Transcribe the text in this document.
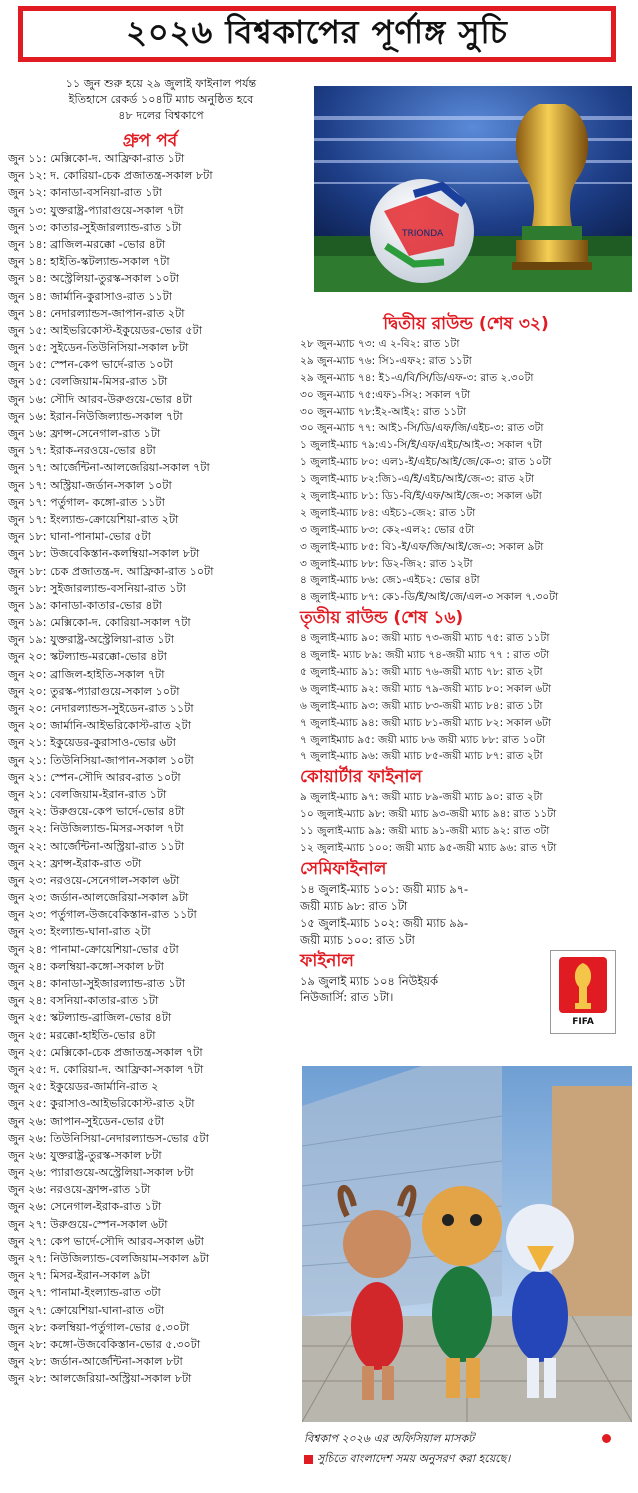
২০২৬ বিশ্বকাপের পূর্ণাঙ্গ সুচি
১১ জুন শুরু হয়ে ২৯ জুলাই ফাইনাল পর্যন্ত
ইতিহাসে রেকর্ড ১০৪টি ম্যাচ অনুষ্ঠিত হবে
৪৮ দলের বিশ্বকাপে
গ্রুপ পর্ব
জুন ১১: মেক্সিকো-দ. আফ্রিকা-রাত ১টা
জুন ১২: দ. কোরিয়া-চেক প্রজাতন্ত্র-সকাল ৮টা
জুন ১২: কানাডা-বসনিয়া-রাত ১টা
জুন ১৩: যুক্তরাষ্ট্র-প্যারাগুয়ে-সকাল ৭টা
জুন ১৩: কাতার-সুইজারল্যান্ড-রাত ১টা
জুন ১৪: ব্রাজিল-মরক্কো -ভোর ৪টা
জুন ১৪: হাইতি-স্কটল্যান্ড-সকাল ৭টা
জুন ১৪: অস্ট্রেলিয়া-তুরস্ক-সকাল ১০টা
জুন ১৪: জার্মানি-কুরাসাও-রাত ১১টা
জুন ১৪: নেদারল্যান্ডস-জাপান-রাত ২টা
জুন ১৫: আইভরিকোস্ট-ইকুয়েডর-ভোর ৫টা
জুন ১৫: সুইডেন-তিউনিসিয়া-সকাল ৮টা
জুন ১৫: স্পেন-কেপ ভার্দে-রাত ১০টা
জুন ১৫: বেলজিয়াম-মিসর-রাত ১টা
জুন ১৬: সৌদি আরব-উরুগুয়ে-ভোর ৪টা
জুন ১৬: ইরান-নিউজিল্যান্ড-সকাল ৭টা
জুন ১৬: ফ্রান্স-সেনেগাল-রাত ১টা
জুন ১৭: ইরাক-নরওয়ে-ভোর ৪টা
জুন ১৭: আর্জেন্টিনা-আলজেরিয়া-সকাল ৭টা
জুন ১৭: অস্ট্রিয়া-জর্ডান-সকাল ১০টা
জুন ১৭: পর্তুগাল- কঙ্গো-রাত ১১টা
জুন ১৭: ইংল্যান্ড-ক্রোয়েশিয়া-রাত ২টা
জুন ১৮: ঘানা-পানামা-ভোর ৫টা
জুন ১৮: উজবেকিস্তান-কলম্বিয়া-সকাল ৮টা
জুন ১৮: চেক প্রজাতন্ত্র-দ. আফ্রিকা-রাত ১০টা
জুন ১৮: সুইজারল্যান্ড-বসনিয়া-রাত ১টা
জুন ১৯: কানাডা-কাতার-ভোর ৪টা
জুন ১৯: মেক্সিকো-দ. কোরিয়া-সকাল ৭টা
জুন ১৯: যুক্তরাষ্ট্র-অস্ট্রেলিয়া-রাত ১টা
জুন ২০: স্কটল্যান্ড-মরক্কো-ভোর ৪টা
জুন ২০: ব্রাজিল-হাইতি-সকাল ৭টা
জুন ২০: তুরস্ক-প্যারাগুয়ে-সকাল ১০টা
জুন ২০: নেদারল্যান্ডস-সুইডেন-রাত ১১টা
জুন ২০: জার্মানি-আইভরিকোস্ট-রাত ২টা
জুন ২১: ইকুয়েডর-কুরাসাও-ভোর ৬টা
জুন ২১: তিউনিসিয়া-জাপান-সকাল ১০টা
জুন ২১: স্পেন-সৌদি আরব-রাত ১০টা
জুন ২১: বেলজিয়াম-ইরান-রাত ১টা
জুন ২২: উরুগুয়ে-কেপ ভার্দে-ভোর ৪টা
জুন ২২: নিউজিল্যান্ড-মিসর-সকাল ৭টা
জুন ২২: আর্জেন্টিনা-অস্ট্রিয়া-রাত ১১টা
জুন ২২: ফ্রান্স-ইরাক-রাত ৩টা
জুন ২৩: নরওয়ে-সেনেগাল-সকাল ৬টা
জুন ২৩: জর্ডান-আলজেরিয়া-সকাল ৯টা
জুন ২৩: পর্তুগাল-উজবেকিস্তান-রাত ১১টা
জুন ২৩: ইংল্যান্ড-ঘানা-রাত ২টা
জুন ২৪: পানামা-ক্রোয়েশিয়া-ভোর ৫টা
জুন ২৪: কলম্বিয়া-কঙ্গো-সকাল ৮টা
জুন ২৪: কানাডা-সুইজারল্যান্ড-রাত ১টা
জুন ২৪: বসনিয়া-কাতার-রাত ১টা
জুন ২৫: স্কটল্যান্ড-ব্রাজিল-ভোর ৪টা
জুন ২৫: মরক্কো-হাইতি-ভোর ৪টা
জুন ২৫: মেক্সিকো-চেক প্রজাতন্ত্র-সকাল ৭টা
জুন ২৫: দ. কোরিয়া-দ. আফ্রিকা-সকাল ৭টা
জুন ২৫: ইকুয়েডর-জার্মানি-রাত ২
জুন ২৫: কুরাসাও-আইভরিকোস্ট-রাত ২টা
জুন ২৬: জাপান-সুইডেন-ভোর ৫টা
জুন ২৬: তিউনিসিয়া-নেদারল্যান্ডস-ভোর ৫টা
জুন ২৬: যুক্তরাষ্ট্র-তুরস্ক-সকাল ৮টা
জুন ২৬: প্যারাগুয়ে-অস্ট্রেলিয়া-সকাল ৮টা
জুন ২৬: নরওয়ে-ফ্রান্স-রাত ১টা
জুন ২৬: সেনেগাল-ইরাক-রাত ১টা
জুন ২৭: উরুগুয়ে-স্পেন-সকাল ৬টা
জুন ২৭: কেপ ভার্দে-সৌদি আরব-সকাল ৬টা
জুন ২৭: নিউজিল্যান্ড-বেলজিয়াম-সকাল ৯টা
জুন ২৭: মিসর-ইরান-সকাল ৯টা
জুন ২৭: পানামা-ইংল্যান্ড-রাত ৩টা
জুন ২৭: ক্রোয়েশিয়া-ঘানা-রাত ৩টা
জুন ২৮: কলম্বিয়া-পর্তুগাল-ভোর ৫.৩০টা
জুন ২৮: কঙ্গো-উজবেকিস্তান-ভোর ৫.৩০টা
জুন ২৮: জর্ডান-আর্জেন্টিনা-সকাল ৮টা
জুন ২৮: আলজেরিয়া-অস্ট্রিয়া-সকাল ৮টা
TRIONDA
দ্বিতীয় রাউন্ড (শেষ ৩২)
২৮ জুন-ম্যাচ ৭৩: এ ২-বি২: রাত ১টা
২৯ জুন-ম্যাচ ৭৬: সি১-এফ২: রাত ১১টা
২৯ জুন-ম্যাচ ৭৪: ই১-এ/বি/সি/ডি/এফ-৩: রাত ২.৩০টা
৩০ জুন-ম্যাচ ৭৫:এফ১-সি২: সকাল ৭টা
৩০ জুন-ম্যাচ ৭৮:ই২-আই২: রাত ১১টা
৩০ জুন-ম্যাচ ৭৭: আই১-সি/ডি/এফ/জি/এইচ-৩: রাত ৩টা
১ জুলাই-ম্যাচ ৭৯:এ১-সি/ই/এফ/এইচ/আই-৩: সকাল ৭টা
১ জুলাই-ম্যাচ ৮০: এল১-ই/এইচ/আই/জে/কে-৩: রাত ১০টা
১ জুলাই-ম্যাচ ৮২:জি১-এ/ই/এইচ/আই/জে-৩: রাত ২টা
২ জুলাই-ম্যাচ ৮১: ডি১-বি/ই/এফ/আই/জে-৩: সকাল ৬টা
২ জুলাই-ম্যাচ ৮৪: এইচ১-জে২: রাত ১টা
৩ জুলাই-ম্যাচ ৮৩: কে২-এল২: ভোর ৫টা
৩ জুলাই-ম্যাচ ৮৫: বি১-ই/এফ/জি/আই/জে-৩: সকাল ৯টা
৩ জুলাই-ম্যাচ ৮৮: ডি২-জি২: রাত ১২টা
৪ জুলাই-ম্যাচ ৮৬: জে১-এইচ২: ভোর ৪টা
৪ জুলাই-ম্যাচ ৮৭: কে১-ডি/ই/আই/জে/এল-৩ সকাল ৭.৩০টা
তৃতীয় রাউন্ড (শেষ ১৬)
৪ জুলাই-ম্যাচ ৯০: জয়ী ম্যাচ ৭৩-জয়ী ম্যাচ ৭৫: রাত ১১টা
৪ জুলাই- ম্যাচ ৮৯: জয়ী ম্যাচ ৭৪-জয়ী ম্যাচ ৭৭ : রাত ৩টা
৫ জুলাই-ম্যাচ ৯১: জয়ী ম্যাচ ৭৬-জয়ী ম্যাচ ৭৮: রাত ২টা
৬ জুলাই-ম্যাচ ৯২: জয়ী ম্যাচ ৭৯-জয়ী ম্যাচ ৮০: সকাল ৬টা
৬ জুলাই-ম্যাচ ৯৩: জয়ী ম্যাচ ৮৩-জয়ী ম্যাচ ৮৪: রাত ১টা
৭ জুলাই-ম্যাচ ৯৪: জয়ী ম্যাচ ৮১-জয়ী ম্যাচ ৮২: সকাল ৬টা
৭ জুলাইম্যাচ ৯৫: জয়ী ম্যাচ ৮৬ জয়ী ম্যাচ ৮৮: রাত ১০টা
৭ জুলাই-ম্যাচ ৯৬: জয়ী ম্যাচ ৮৫-জয়ী ম্যাচ ৮৭: রাত ২টা
কোয়ার্টার ফাইনাল
৯ জুলাই-ম্যাচ ৯৭: জয়ী ম্যাচ ৮৯-জয়ী ম্যাচ ৯০: রাত ২টা
১০ জুলাই-ম্যাচ ৯৮: জয়ী ম্যাচ ৯৩-জয়ী ম্যাচ ৯৪: রাত ১১টা
১১ জুলাই-ম্যাচ ৯৯: জয়ী ম্যাচ ৯১-জয়ী ম্যাচ ৯২: রাত ৩টা
১২ জুলাই-ম্যাচ ১০০: জয়ী ম্যাচ ৯৫-জয়ী ম্যাচ ৯৬: রাত ৭টা
সেমিফাইনাল
১৪ জুলাই-ম্যাচ ১০১: জয়ী ম্যাচ ৯৭-
জয়ী ম্যাচ ৯৮: রাত ১টা
১৫ জুলাই-ম্যাচ ১০২: জয়ী ম্যাচ ৯৯-
জয়ী ম্যাচ ১০০: রাত ১টা
ফাইনাল
১৯ জুলাই ম্যাচ ১০৪ নিউইয়র্ক
নিউজার্সি: রাত ১টা।
FIFA
বিশ্বকাপ ২০২৬ এর অফিসিয়াল মাসকট
সুচিতে বাংলাদেশ সময় অনুসরণ করা হয়েছে।
